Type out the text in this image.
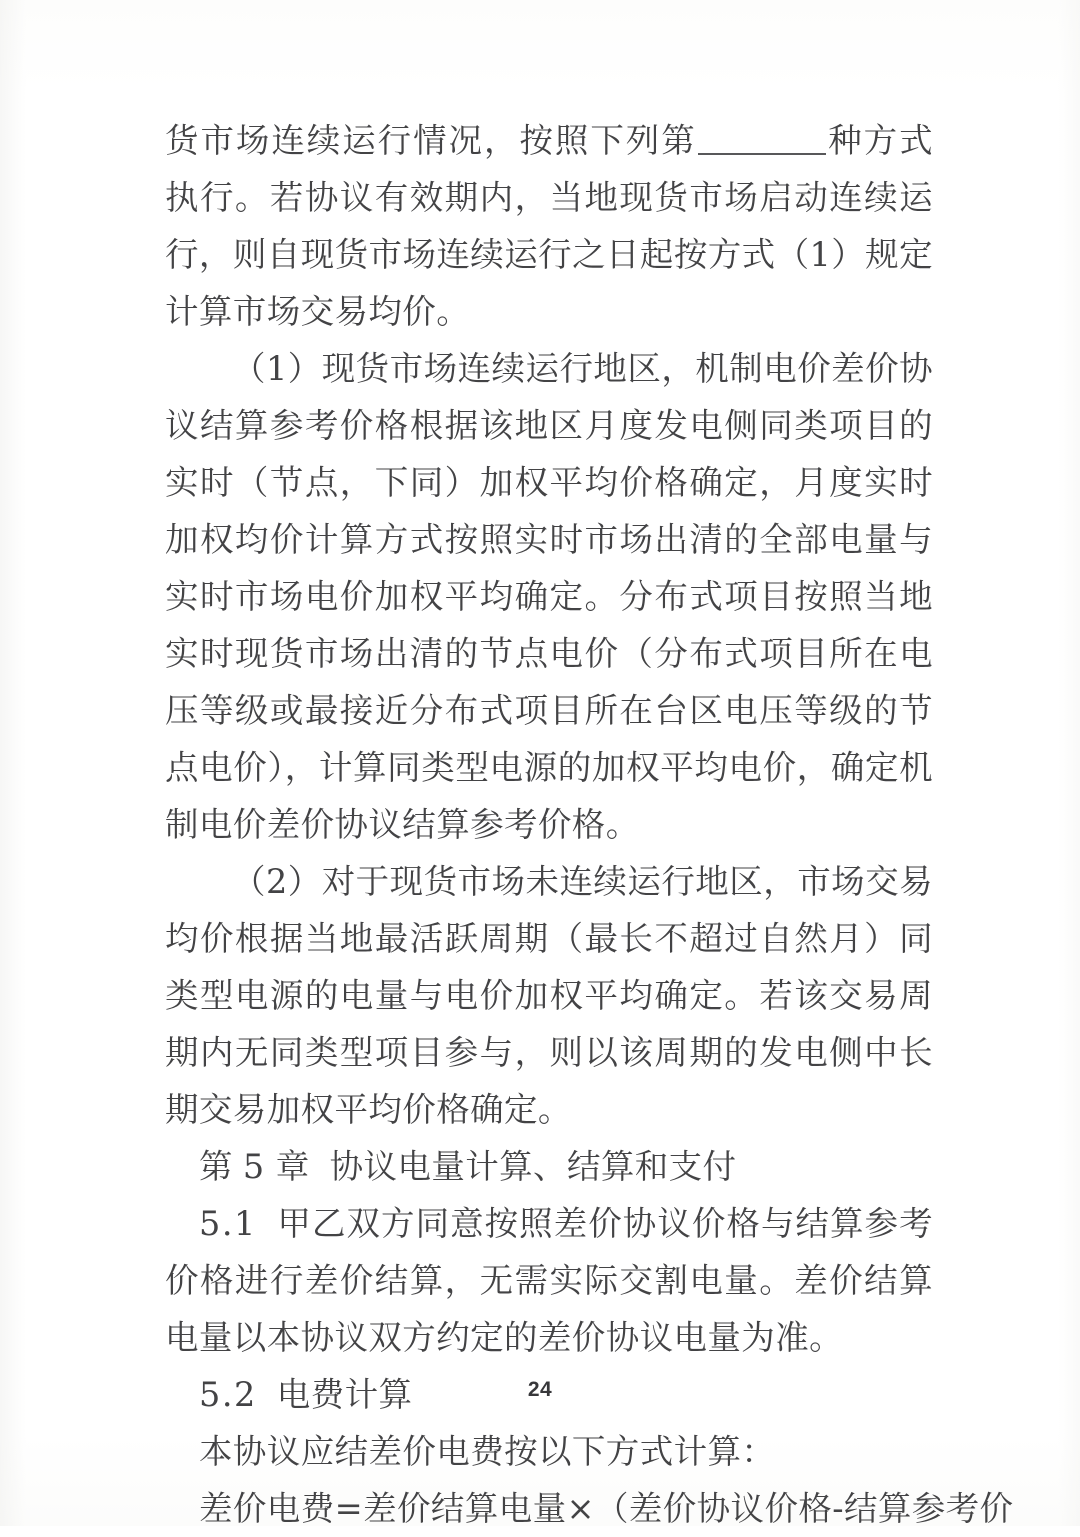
货市场连续运行情况，按照下列第	种方式执行。若协议有效期内，当地现货市场启动连续运行，则自现货市场连续运行之日起按方式（1）规定计算市场交易均价。

（1）现货市场连续运行地区，机制电价差价协议结算参考价格根据该地区月度发电侧同类项目的实时（节点，下同）加权平均价格确定，月度实时加权均价计算方式按照实时市场出清的全部电量与实时市场电价加权平均确定。分布式项目按照当地实时现货市场出清的节点电价（分布式项目所在电压等级或最接近分布式项目所在台区电压等级的节点电价），计算同类型电源的加权平均电价，确定机制电价差价协议结算参考价格。

（2）对于现货市场未连续运行地区，市场交易均价根据当地最活跃周期（最长不超过自然月）同类型电源的电量与电价加权平均确定。若该交易周期内无同类型项目参与，则以该周期的发电侧中长期交易加权平均价格确定。

第 5 章 协议电量计算、结算和支付

5.1 甲乙双方同意按照差价协议价格与结算参考价格进行差价结算，无需实际交割电量。差价结算电量以本协议双方约定的差价协议电量为准。

5.2 电费计算

本协议应结差价电费按以下方式计算：

差价电费=差价结算电量×（差价协议价格-结算参考价

24
